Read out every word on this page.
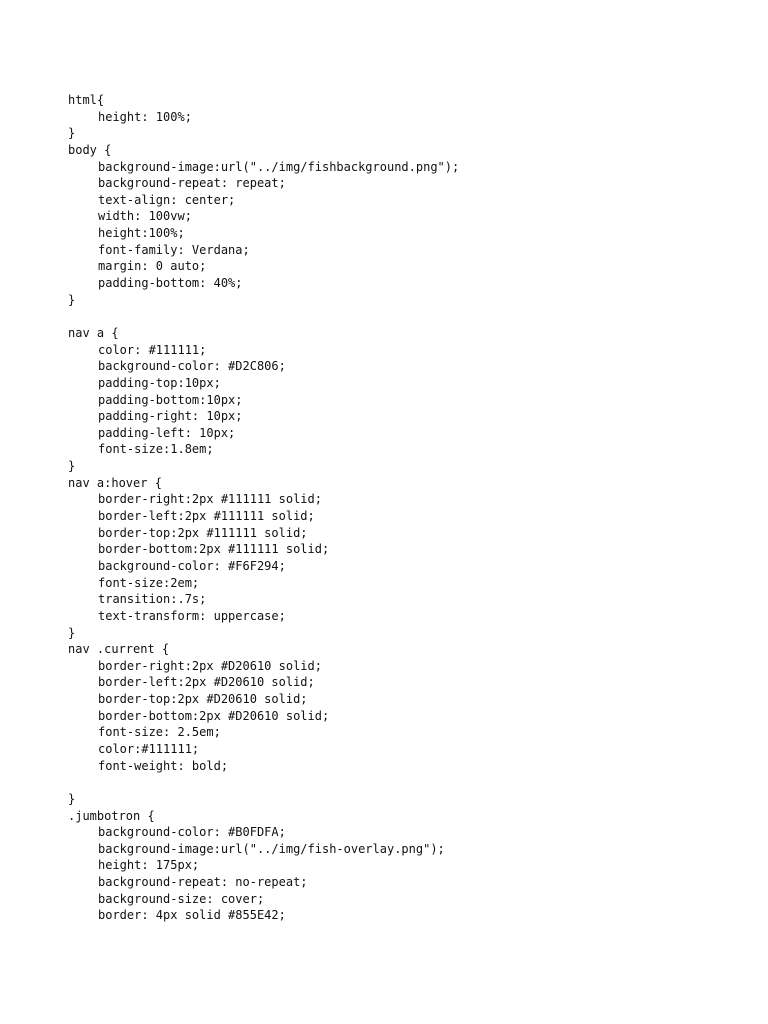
html{
height: 100%;
}
body {
background-image:url("../img/fishbackground.png");
background-repeat: repeat;
text-align: center;
width: 100vw;
height:100%;
font-family: Verdana;
margin: 0 auto;
padding-bottom: 40%;
}
nav a {
color: #111111;
background-color: #D2C806;
padding-top:10px;
padding-bottom:10px;
padding-right: 10px;
padding-left: 10px;
font-size:1.8em;
}
nav a:hover {
border-right:2px #111111 solid;
border-left:2px #111111 solid;
border-top:2px #111111 solid;
border-bottom:2px #111111 solid;
background-color: #F6F294;
font-size:2em;
transition:.7s;
text-transform: uppercase;
}
nav .current {
border-right:2px #D20610 solid;
border-left:2px #D20610 solid;
border-top:2px #D20610 solid;
border-bottom:2px #D20610 solid;
font-size: 2.5em;
color:#111111;
font-weight: bold;
}
.jumbotron {
background-color: #B0FDFA;
background-image:url("../img/fish-overlay.png");
height: 175px;
background-repeat: no-repeat;
background-size: cover;
border: 4px solid #855E42;
